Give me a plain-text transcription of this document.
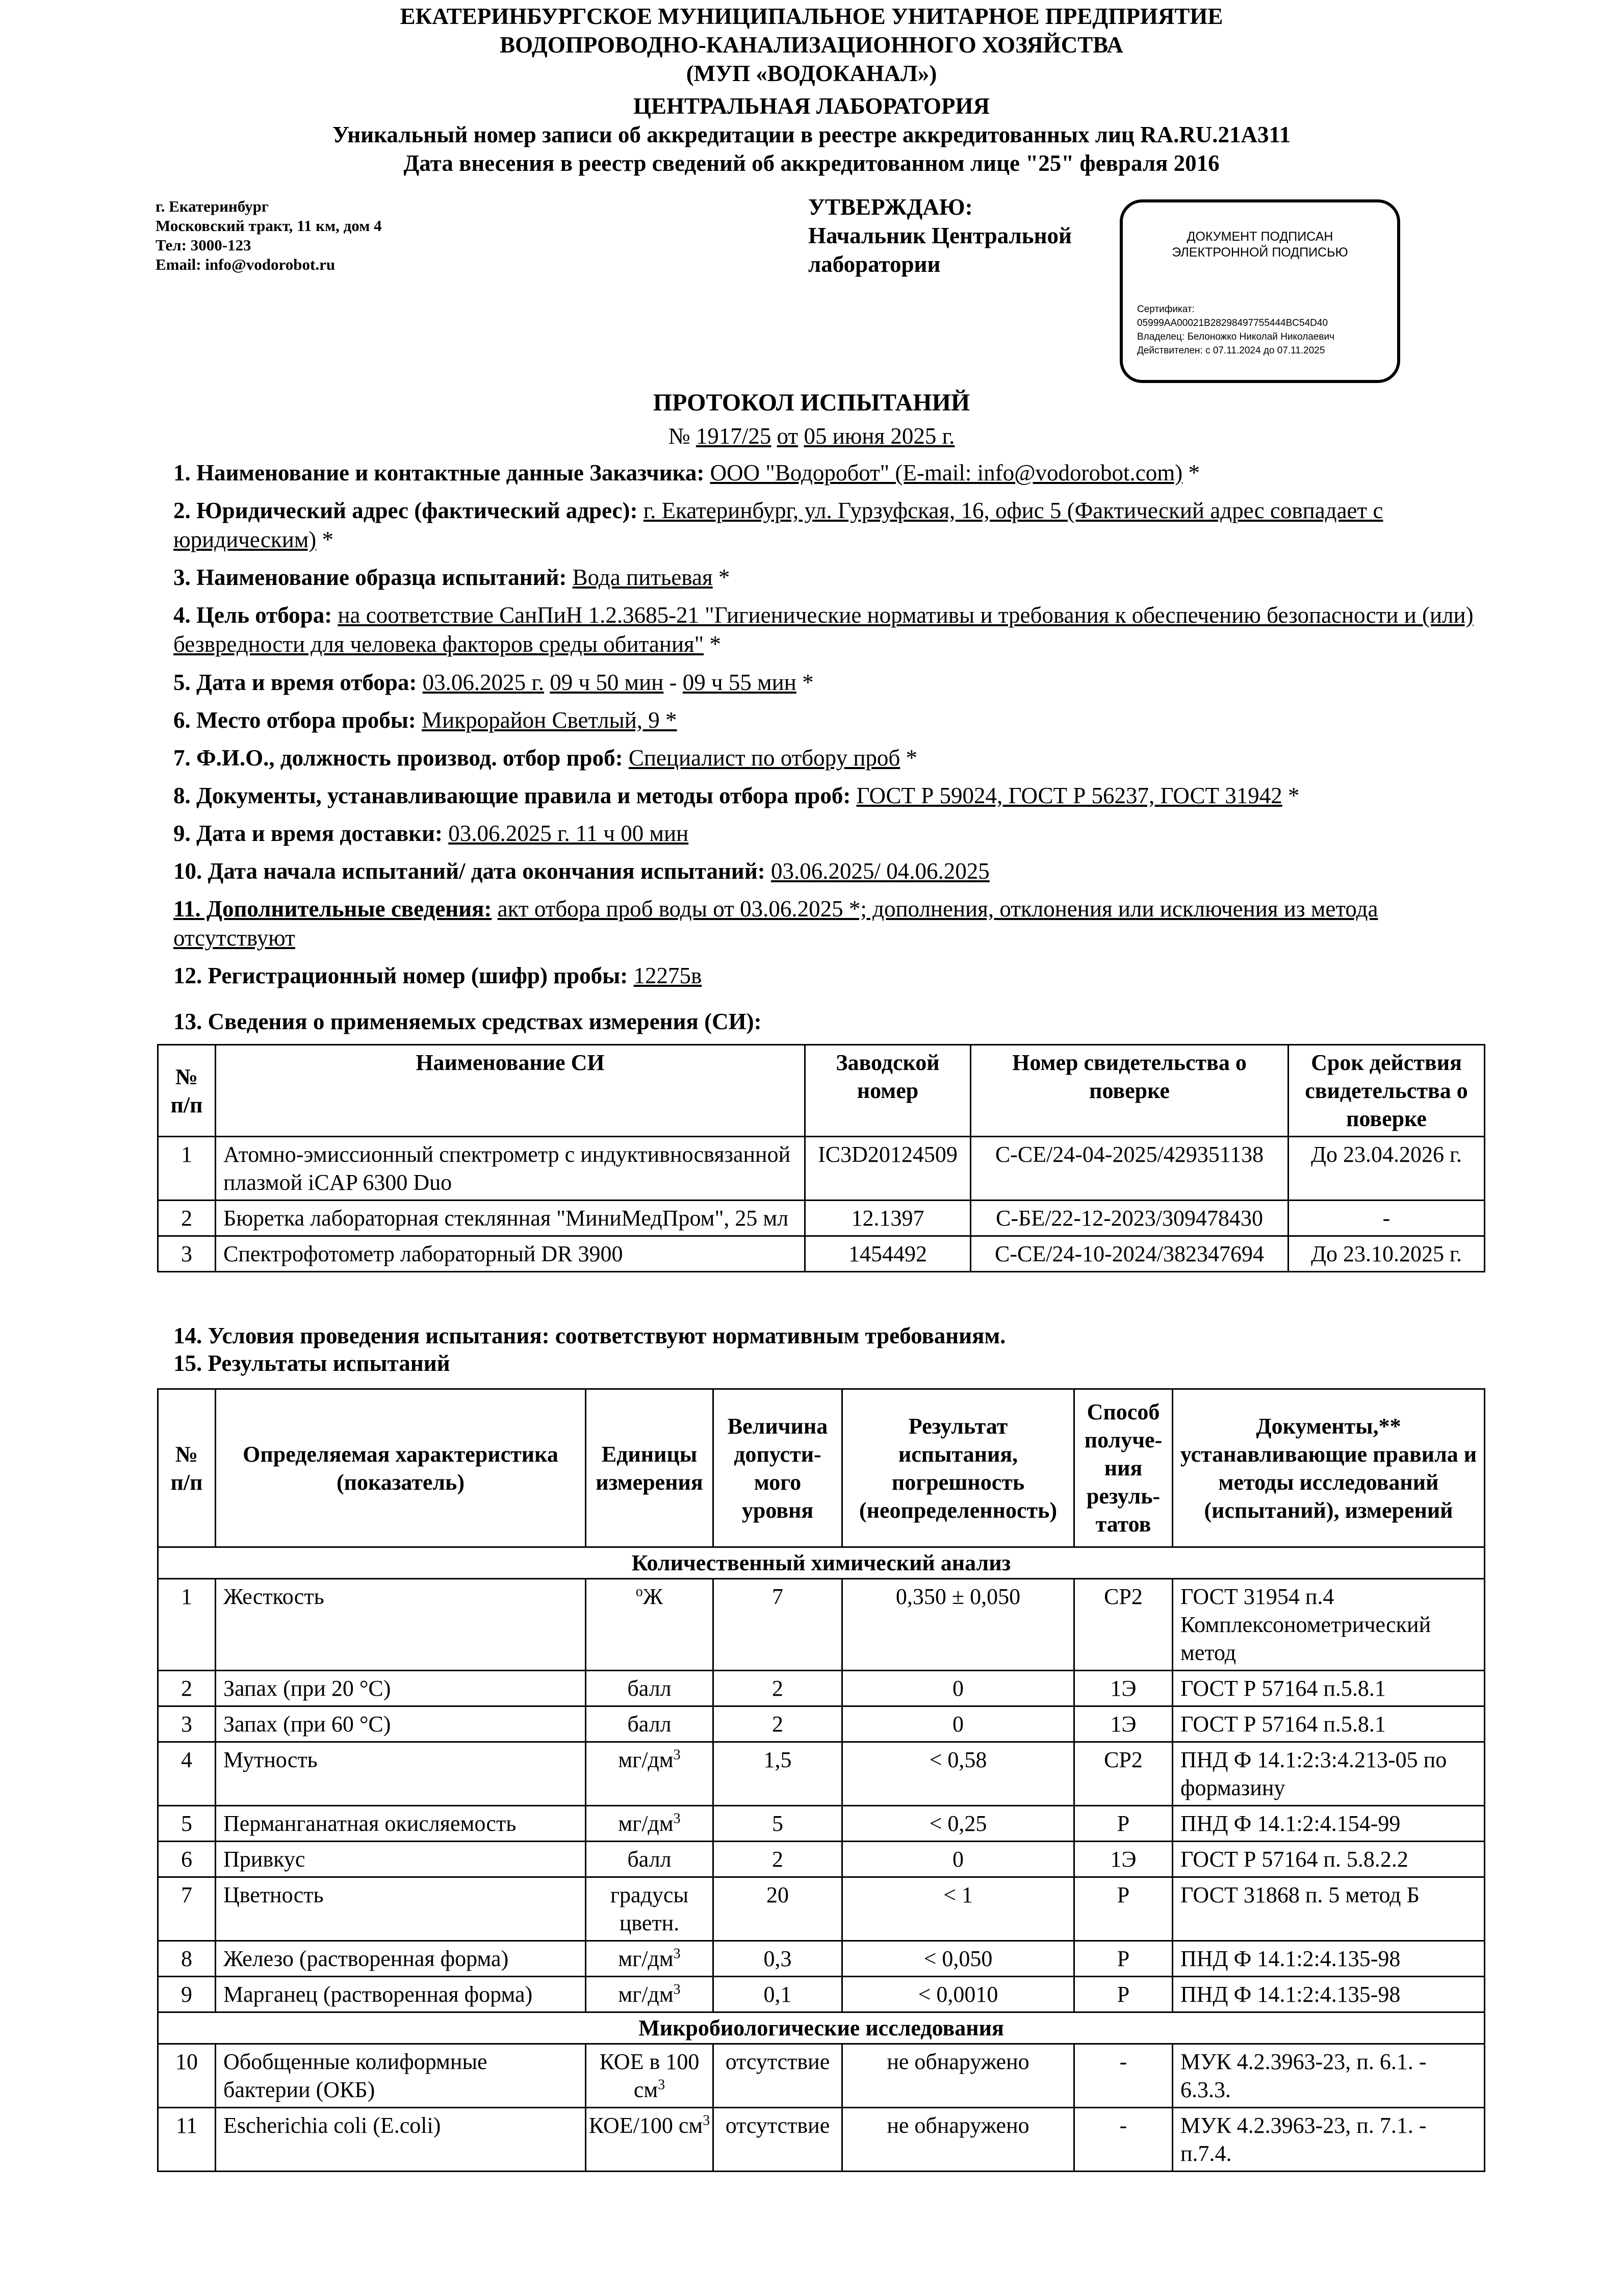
ЕКАТЕРИНБУРГСКОЕ МУНИЦИПАЛЬНОЕ УНИТАРНОЕ ПРЕДПРИЯТИЕ
ВОДОПРОВОДНО-КАНАЛИЗАЦИОННОГО ХОЗЯЙСТВА
(МУП «ВОДОКАНАЛ»)
ЦЕНТРАЛЬНАЯ ЛАБОРАТОРИЯ
Уникальный номер записи об аккредитации в реестре аккредитованных лиц RA.RU.21А311
Дата внесения в реестр сведений об аккредитованном лице "25" февраля 2016
г. Екатеринбург
Московский тракт, 11 км, дом 4
Тел: 3000-123
Email: info@vodorobot.ru
УТВЕРЖДАЮ:
Начальник Центральной
лаборатории
ДОКУМЕНТ ПОДПИСАН
ЭЛЕКТРОННОЙ ПОДПИСЬЮ
Сертификат:
05999AA00021B28298497755444BC54D40
Владелец: Белоножко Николай Николаевич
Действителен: с 07.11.2024 до 07.11.2025
ПРОТОКОЛ ИСПЫТАНИЙ
№ 1917/25 от 05 июня 2025 г.
1. Наименование и контактные данные Заказчика: ООО "Водоробот" (E-mail: info@vodorobot.com) *
2. Юридический адрес (фактический адрес): г. Екатеринбург, ул. Гурзуфская, 16, офис 5 (Фактический адрес совпадает с юридическим) *
3. Наименование образца испытаний: Вода питьевая *
4. Цель отбора: на соответствие СанПиН 1.2.3685-21 "Гигиенические нормативы и требования к обеспечению безопасности и (или) безвредности для человека факторов среды обитания" *
5. Дата и время отбора: 03.06.2025 г. 09 ч 50 мин - 09 ч 55 мин *
6. Место отбора пробы: Микрорайон Светлый, 9 *
7. Ф.И.О., должность производ. отбор проб: Специалист по отбору проб *
8. Документы, устанавливающие правила и методы отбора проб: ГОСТ Р 59024, ГОСТ Р 56237, ГОСТ 31942 *
9. Дата и время доставки: 03.06.2025 г. 11 ч 00 мин
10. Дата начала испытаний/ дата окончания испытаний: 03.06.2025/ 04.06.2025
11. Дополнительные сведения: акт отбора проб воды от 03.06.2025 *; дополнения, отклонения или исключения из метода отсутствуют
12. Регистрационный номер (шифр) пробы: 12275в
13. Сведения о применяемых средствах измерения (СИ):
№ п/п	Наименование СИ	Заводской номер	Номер свидетельства о поверке	Срок действия свидетельства о поверке
1	Атомно-эмиссионный спектрометр с индуктивносвязанной плазмой iCAP 6300 Duo	IC3D20124509	С-СЕ/24-04-2025/429351138	До 23.04.2026 г.
2	Бюретка лабораторная стеклянная "МиниМедПром", 25 мл	12.1397	С-БЕ/22-12-2023/309478430	-
3	Спектрофотометр лабораторный DR 3900	1454492	С-СЕ/24-10-2024/382347694	До 23.10.2025 г.
14. Условия проведения испытания: соответствуют нормативным требованиям.
15. Результаты испытаний
№ п/п	Определяемая характеристика (показатель)	Единицы измерения	Величина допусти-мого уровня	Результат испытания, погрешность (неопределенность)	Способ получе-ния резуль-татов	Документы,** устанавливающие правила и методы исследований (испытаний), измерений
Количественный химический анализ						
1	Жесткость	$^о$Ж	7	0,350 ± 0,050	СР2	ГОСТ 31954 п.4 Комплексонометрический метод
2	Запах (при 20 °С)	балл	2	0	1Э	ГОСТ Р 57164 п.5.8.1
3	Запах (при 60 °С)	балл	2	0	1Э	ГОСТ Р 57164 п.5.8.1
4	Мутность	$мг/дм^3$	1,5	< 0,58	СР2	ПНД Ф 14.1:2:3:4.213-05 по формазину
5	Перманганатная окисляемость	$мг/дм^3$	5	< 0,25	Р	ПНД Ф 14.1:2:4.154-99
6	Привкус	балл	2	0	1Э	ГОСТ Р 57164 п. 5.8.2.2
7	Цветность	градусы цветн.	20	< 1	Р	ГОСТ 31868 п. 5 метод Б
8	Железо (растворенная форма)	$мг/дм^3$	0,3	< 0,050	Р	ПНД Ф 14.1:2:4.135-98
9	Марганец (растворенная форма)	$мг/дм^3$	0,1	< 0,0010	Р	ПНД Ф 14.1:2:4.135-98
Микробиологические исследования						
10	Обобщенные колиформные бактерии (ОКБ)	КОЕ в 100 $см^3$	отсутствие	не обнаружено	-	МУК 4.2.3963-23, п. 6.1. - 6.3.3.
11	Escherichia coli (E.coli)	КОЕ/100 $см^3$	отсутствие	не обнаружено	-	МУК 4.2.3963-23, п. 7.1. - п.7.4.
